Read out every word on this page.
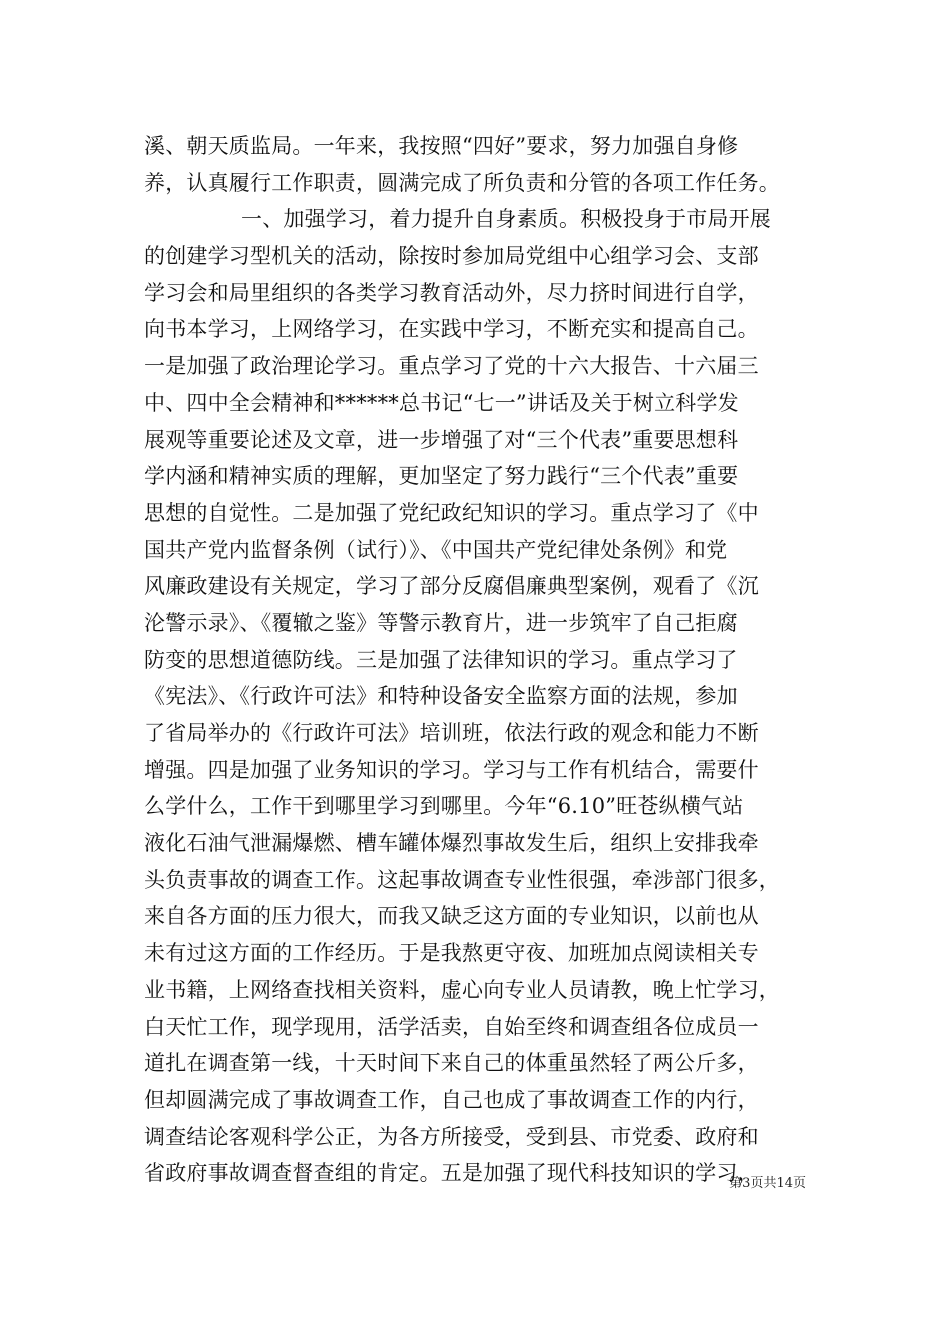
溪、朝天质监局。一年来，我按照“四好”要求，努力加强自身修
养，认真履行工作职责，圆满完成了所负责和分管的各项工作任务。
一、加强学习，着力提升自身素质。积极投身于市局开展
的创建学习型机关的活动，除按时参加局党组中心组学习会、支部
学习会和局里组织的各类学习教育活动外，尽力挤时间进行自学，
向书本学习，上网络学习，在实践中学习，不断充实和提高自己。
一是加强了政治理论学习。重点学习了党的十六大报告、十六届三
中、四中全会精神和******总书记“七一”讲话及关于树立科学发
展观等重要论述及文章，进一步增强了对“三个代表”重要思想科
学内涵和精神实质的理解，更加坚定了努力践行“三个代表”重要
思想的自觉性。二是加强了党纪政纪知识的学习。重点学习了《中
国共产党内监督条例（试行）》、《中国共产党纪律处条例》和党
风廉政建设有关规定，学习了部分反腐倡廉典型案例，观看了《沉
沦警示录》、《覆辙之鉴》等警示教育片，进一步筑牢了自己拒腐
防变的思想道德防线。三是加强了法律知识的学习。重点学习了
《宪法》、《行政许可法》和特种设备安全监察方面的法规，参加
了省局举办的《行政许可法》培训班，依法行政的观念和能力不断
增强。四是加强了业务知识的学习。学习与工作有机结合，需要什
么学什么，工作干到哪里学习到哪里。今年“6.10”旺苍纵横气站
液化石油气泄漏爆燃、槽车罐体爆烈事故发生后，组织上安排我牵
头负责事故的调查工作。这起事故调查专业性很强，牵涉部门很多，
来自各方面的压力很大，而我又缺乏这方面的专业知识，以前也从
未有过这方面的工作经历。于是我熬更守夜、加班加点阅读相关专
业书籍，上网络查找相关资料，虚心向专业人员请教，晚上忙学习，
白天忙工作，现学现用，活学活卖，自始至终和调查组各位成员一
道扎在调查第一线，十天时间下来自己的体重虽然轻了两公斤多，
但却圆满完成了事故调查工作，自己也成了事故调查工作的内行，
调查结论客观科学公正，为各方所接受，受到县、市党委、政府和
省政府事故调查督查组的肯定。五是加强了现代科技知识的学习，
第3页共14页
